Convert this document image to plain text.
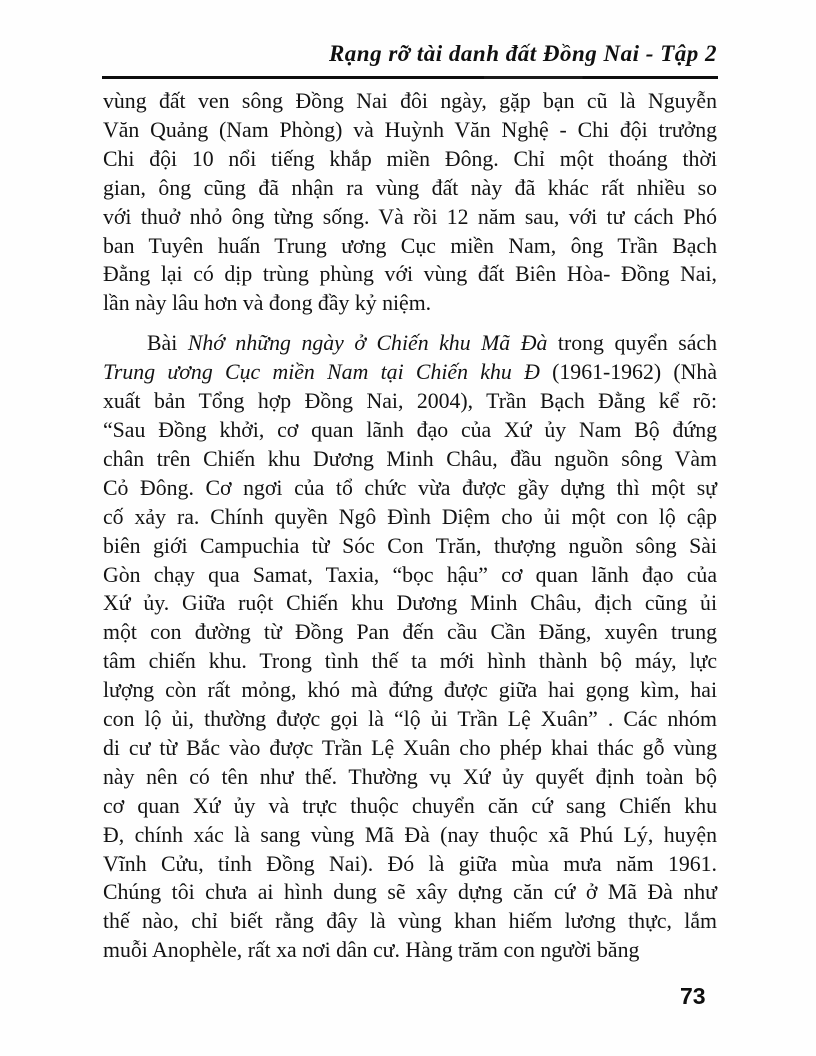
Rạng rỡ tài danh đất Đồng Nai - Tập 2
vùng đất ven sông Đồng Nai đôi ngày, gặp bạn cũ là Nguyễn
Văn Quảng (Nam Phòng) và Huỳnh Văn Nghệ - Chi đội trưởng
Chi đội 10 nổi tiếng khắp miền Đông. Chỉ một thoáng thời
gian, ông cũng đã nhận ra vùng đất này đã khác rất nhiều so
với thuở nhỏ ông từng sống. Và rồi 12 năm sau, với tư cách Phó
ban Tuyên huấn Trung ương Cục miền Nam, ông Trần Bạch
Đằng lại có dịp trùng phùng với vùng đất Biên Hòa- Đồng Nai,
lần này lâu hơn và đong đầy kỷ niệm.
Bài Nhớ những ngày ở Chiến khu Mã Đà trong quyển sách
Trung ương Cục miền Nam tại Chiến khu Đ (1961-1962) (Nhà
xuất bản Tổng hợp Đồng Nai, 2004), Trần Bạch Đằng kể rõ:
“Sau Đồng khởi, cơ quan lãnh đạo của Xứ ủy Nam Bộ đứng
chân trên Chiến khu Dương Minh Châu, đầu nguồn sông Vàm
Cỏ Đông. Cơ ngơi của tổ chức vừa được gầy dựng thì một sự
cố xảy ra. Chính quyền Ngô Đình Diệm cho ủi một con lộ cập
biên giới Campuchia từ Sóc Con Trăn, thượng nguồn sông Sài
Gòn chạy qua Samat, Taxia, “bọc hậu” cơ quan lãnh đạo của
Xứ ủy. Giữa ruột Chiến khu Dương Minh Châu, địch cũng ủi
một con đường từ Đồng Pan đến cầu Cần Đăng, xuyên trung
tâm chiến khu. Trong tình thế ta mới hình thành bộ máy, lực
lượng còn rất mỏng, khó mà đứng được giữa hai gọng kìm, hai
con lộ ủi, thường được gọi là “lộ ủi Trần Lệ Xuân” . Các nhóm
di cư từ Bắc vào được Trần Lệ Xuân cho phép khai thác gỗ vùng
này nên có tên như thế. Thường vụ Xứ ủy quyết định toàn bộ
cơ quan Xứ ủy và trực thuộc chuyển căn cứ sang Chiến khu
Đ, chính xác là sang vùng Mã Đà (nay thuộc xã Phú Lý, huyện
Vĩnh Cửu, tỉnh Đồng Nai). Đó là giữa mùa mưa năm 1961.
Chúng tôi chưa ai hình dung sẽ xây dựng căn cứ ở Mã Đà như
thế nào, chỉ biết rằng đây là vùng khan hiếm lương thực, lắm
muỗi Anophèle, rất xa nơi dân cư. Hàng trăm con người băng
73
